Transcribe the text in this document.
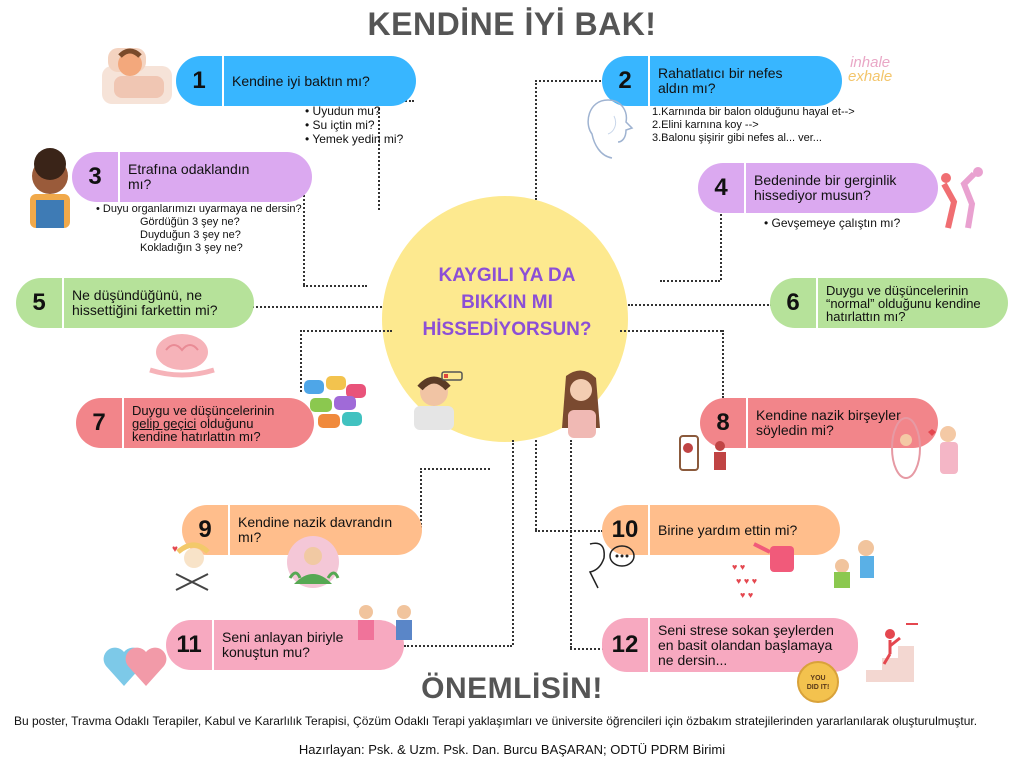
KENDİNE İYİ BAK!
KAYGILI YA DA
BIKKIN MI
HİSSEDİYORSUN?
1	Kendine iyi baktın mı?
• Uyudun mu?
• Su içtin mi?
• Yemek yedin mi?
2	Rahatlatıcı bir nefes
aldın mı?
1.Karnında bir balon olduğunu hayal et-->
2.Elini karnına koy -->
3.Balonu şişirir gibi nefes al... ver...
3	Etrafına odaklandın
mı?
• Duyu organlarımızı uyarmaya ne dersin?
Gördüğün 3 şey ne?
Duyduğun 3 şey ne?
Kokladığın 3 şey ne?
4	Bedeninde bir gerginlik
hissediyor musun?
• Gevşemeye çalıştın mı?
5	Ne düşündüğünü, ne
hissettiğini farkettin mi?	6	Duygu ve düşüncelerinin
“normal” olduğunu kendine
hatırlattın mı?
7	Duygu ve düşüncelerinin
gelip geçici olduğunu
kendine hatırlattın mı?	8	Kendine nazik birşeyler
söyledin mi?
9	Kendine nazik davrandın
mı?	10	Birine yardım ettin mi?
11	Seni anlayan biriyle
konuştun mu?	12
Seni strese sokan şeylerden
en basit olandan başlamaya
ne dersin...
ÖNEMLİSİN!
Bu poster, Travma Odaklı Terapiler, Kabul ve Kararlılık Terapisi, Çözüm Odaklı Terapi yaklaşımları ve üniversite öğrencileri için özbakım stratejilerinden yararlanılarak oluşturulmuştur.
Hazırlayan: Psk. & Uzm. Psk. Dan. Burcu BAŞARAN; ODTÜ PDRM Birimi
inhale
exhale
♥
♥ ♥
♥ ♥ ♥
♥ ♥
YOU
DID IT!
